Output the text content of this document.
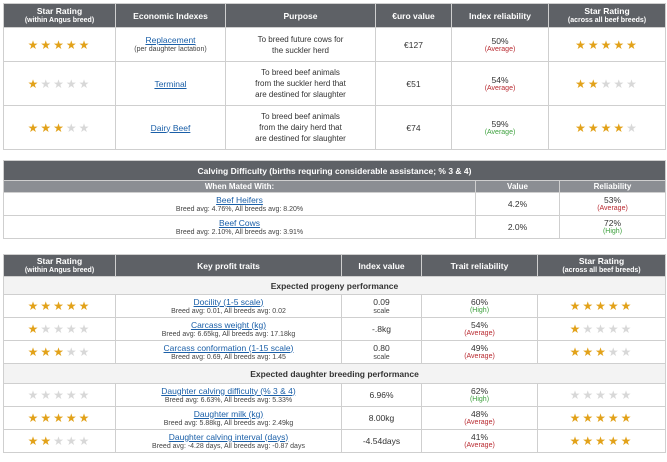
Star Rating
(within Angus breed)	Economic Indexes	Purpose	€uro value	Index reliability	Star Rating
(across all beef breeds)

★★★★★	Replacement
(per daughter lactation)	To breed future cows for
the suckler herd	€127	50%
(Average)	★★★★★
★★★★★	Terminal	To breed beef animals
from the suckler herd that
are destined for slaughter	€51	54%
(Average)	★★★★★
★★★★★	Dairy Beef	To breed beef animals
from the dairy herd that
are destined for slaughter	€74	59%
(Average)	★★★★★
Calving Difficulty (births requring considerable assistance; % 3 & 4)		
When Mated With:	Value	Reliability
Beef Heifers
Breed avg: 4.76%, All breeds avg: 8.20%	4.2%	53%
(Average)

Beef Cows
Breed avg: 2.10%, All breeds avg: 3.91%	2.0%	72%
(High)
Star Rating
(within Angus breed)	Key profit traits	Index value	Trait reliability	Star Rating
(across all beef breeds)

Expected progeny performance				
★★★★★	Docility (1-5 scale)
Breed avg: 0.01, All breeds avg: 0.02	0.09
scale	60%
(High)	★★★★★
★★★★★	Carcass weight (kg)
Breed avg: 6.65kg, All breeds avg: 17.18kg	-.8kg	54%
(Average)	★★★★★
★★★★★	Carcass conformation (1-15 scale)
Breed avg: 0.69, All breeds avg: 1.45	0.80
scale	49%
(Average)	★★★★★
Expected daughter breeding performance				
★★★★★	Daughter calving difficulty (% 3 & 4)
Breed avg: 6.63%, All breeds avg: 5.33%	6.96%	62%
(High)	★★★★★
★★★★★	Daughter milk (kg)
Breed avg: 5.88kg, All breeds avg: 2.49kg	8.00kg	48%
(Average)	★★★★★
★★★★★	Daughter calving interval (days)
Breed avg: -4.28 days, All breeds avg: -0.87 days	-4.54days	41%
(Average)	★★★★★
